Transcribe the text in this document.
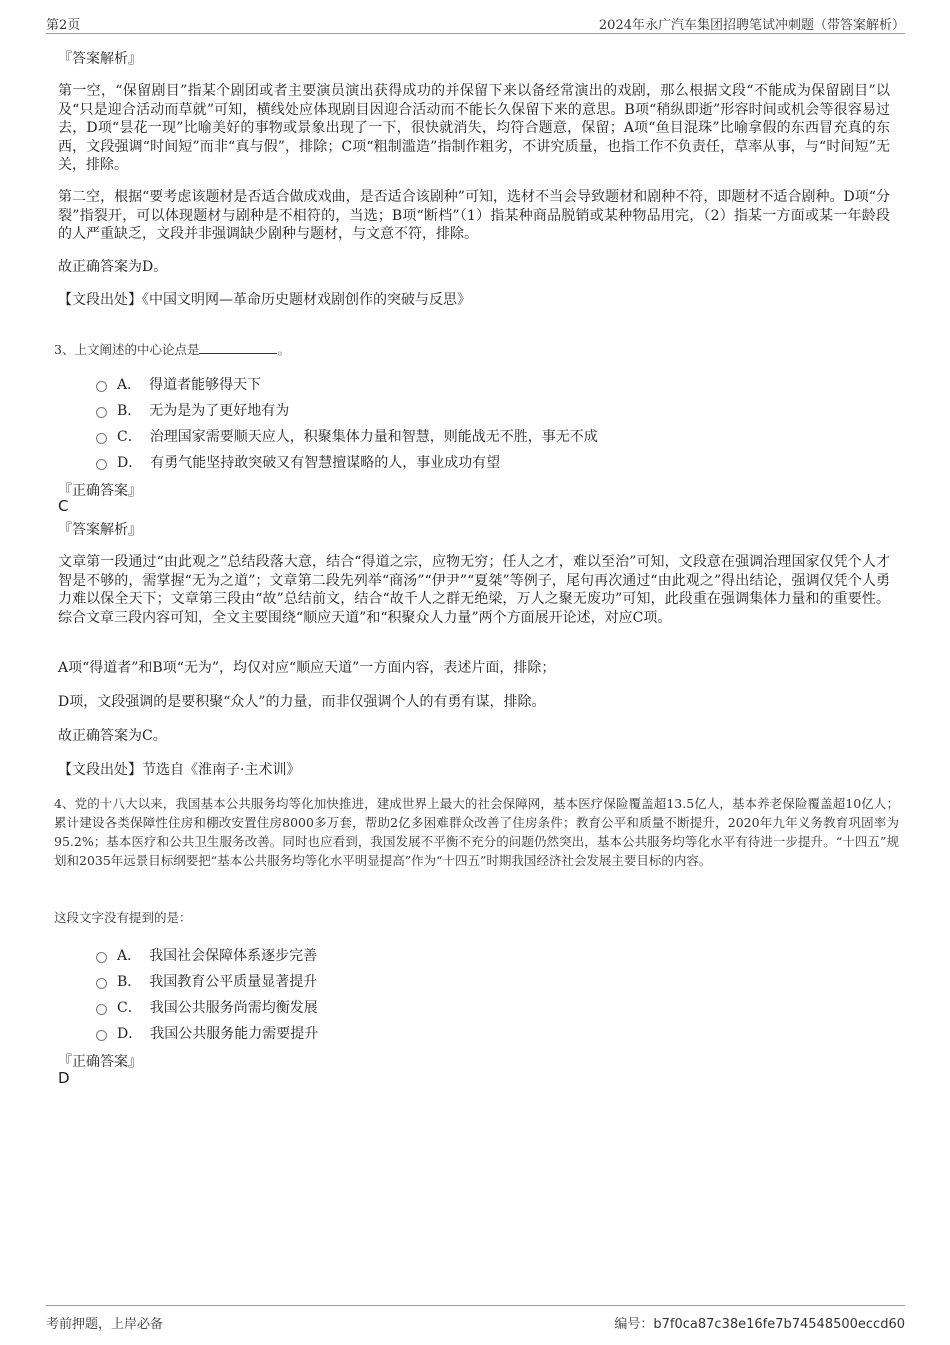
第2页	2024年永广汽车集团招聘笔试冲刺题（带答案解析）
『答案解析』
第一空，“保留剧目”指某个剧团或者主要演员演出获得成功的并保留下来以备经常演出的戏剧，那么根据文段“不能成为保留剧目”以及“只是迎合活动而草就”可知，横线处应体现剧目因迎合活动而不能长久保留下来的意思。B项“稍纵即逝”形容时间或机会等很容易过去，D项“昙花一现”比喻美好的事物或景象出现了一下，很快就消失，均符合题意，保留；A项“鱼目混珠”比喻拿假的东西冒充真的东西，文段强调“时间短”而非“真与假”，排除；C项“粗制滥造”指制作粗劣，不讲究质量，也指工作不负责任，草率从事，与“时间短”无关，排除。
第二空，根据“要考虑该题材是否适合做成戏曲，是否适合该剧种”可知，选材不当会导致题材和剧种不符，即题材不适合剧种。D项“分裂”指裂开，可以体现题材与剧种是不相符的，当选；B项“断档”（1）指某种商品脱销或某种物品用完，（2）指某一方面或某一年龄段的人严重缺乏，文段并非强调缺少剧种与题材，与文意不符，排除。
故正确答案为D。
【文段出处】《中国文明网—革命历史题材戏剧创作的突破与反思》
3、上文阐述的中心论点是	。
A． 得道者能够得天下
B． 无为是为了更好地有为
C． 治理国家需要顺天应人，积聚集体力量和智慧，则能战无不胜，事无不成
D． 有勇气能坚持敢突破又有智慧擅谋略的人，事业成功有望
『正确答案』
C
『答案解析』
文章第一段通过“由此观之”总结段落大意，结合“得道之宗，应物无穷；任人之才，难以至治”可知，文段意在强调治理国家仅凭个人才智是不够的，需掌握“无为之道”；文章第二段先列举“商汤”“伊尹”“夏桀”等例子，尾句再次通过“由此观之”得出结论，强调仅凭个人勇力难以保全天下；文章第三段由“故”总结前文，结合“故千人之群无绝梁，万人之聚无废功”可知，此段重在强调集体力量和的重要性。综合文章三段内容可知，全文主要围绕“顺应天道”和“积聚众人力量”两个方面展开论述，对应C项。
A项“得道者”和B项“无为”，均仅对应“顺应天道”一方面内容，表述片面，排除；
D项，文段强调的是要积聚“众人”的力量，而非仅强调个人的有勇有谋，排除。
故正确答案为C。
【文段出处】节选自《淮南子·主术训》
4、党的十八大以来，我国基本公共服务均等化加快推进，建成世界上最大的社会保障网，基本医疗保险覆盖超13.5亿人，基本养老保险覆盖超10亿人；累计建设各类保障性住房和棚改安置住房8000多万套，帮助2亿多困难群众改善了住房条件；教育公平和质量不断提升，2020年九年义务教育巩固率为95.2%；基本医疗和公共卫生服务改善。同时也应看到，我国发展不平衡不充分的问题仍然突出，基本公共服务均等化水平有待进一步提升。“十四五”规划和2035年远景目标纲要把“基本公共服务均等化水平明显提高”作为“十四五”时期我国经济社会发展主要目标的内容。
这段文字没有提到的是：
A． 我国社会保障体系逐步完善
B． 我国教育公平质量显著提升
C． 我国公共服务尚需均衡发展
D． 我国公共服务能力需要提升
『正确答案』
D
考前押题，上岸必备	编号：b7f0ca87c38e16fe7b74548500eccd60
